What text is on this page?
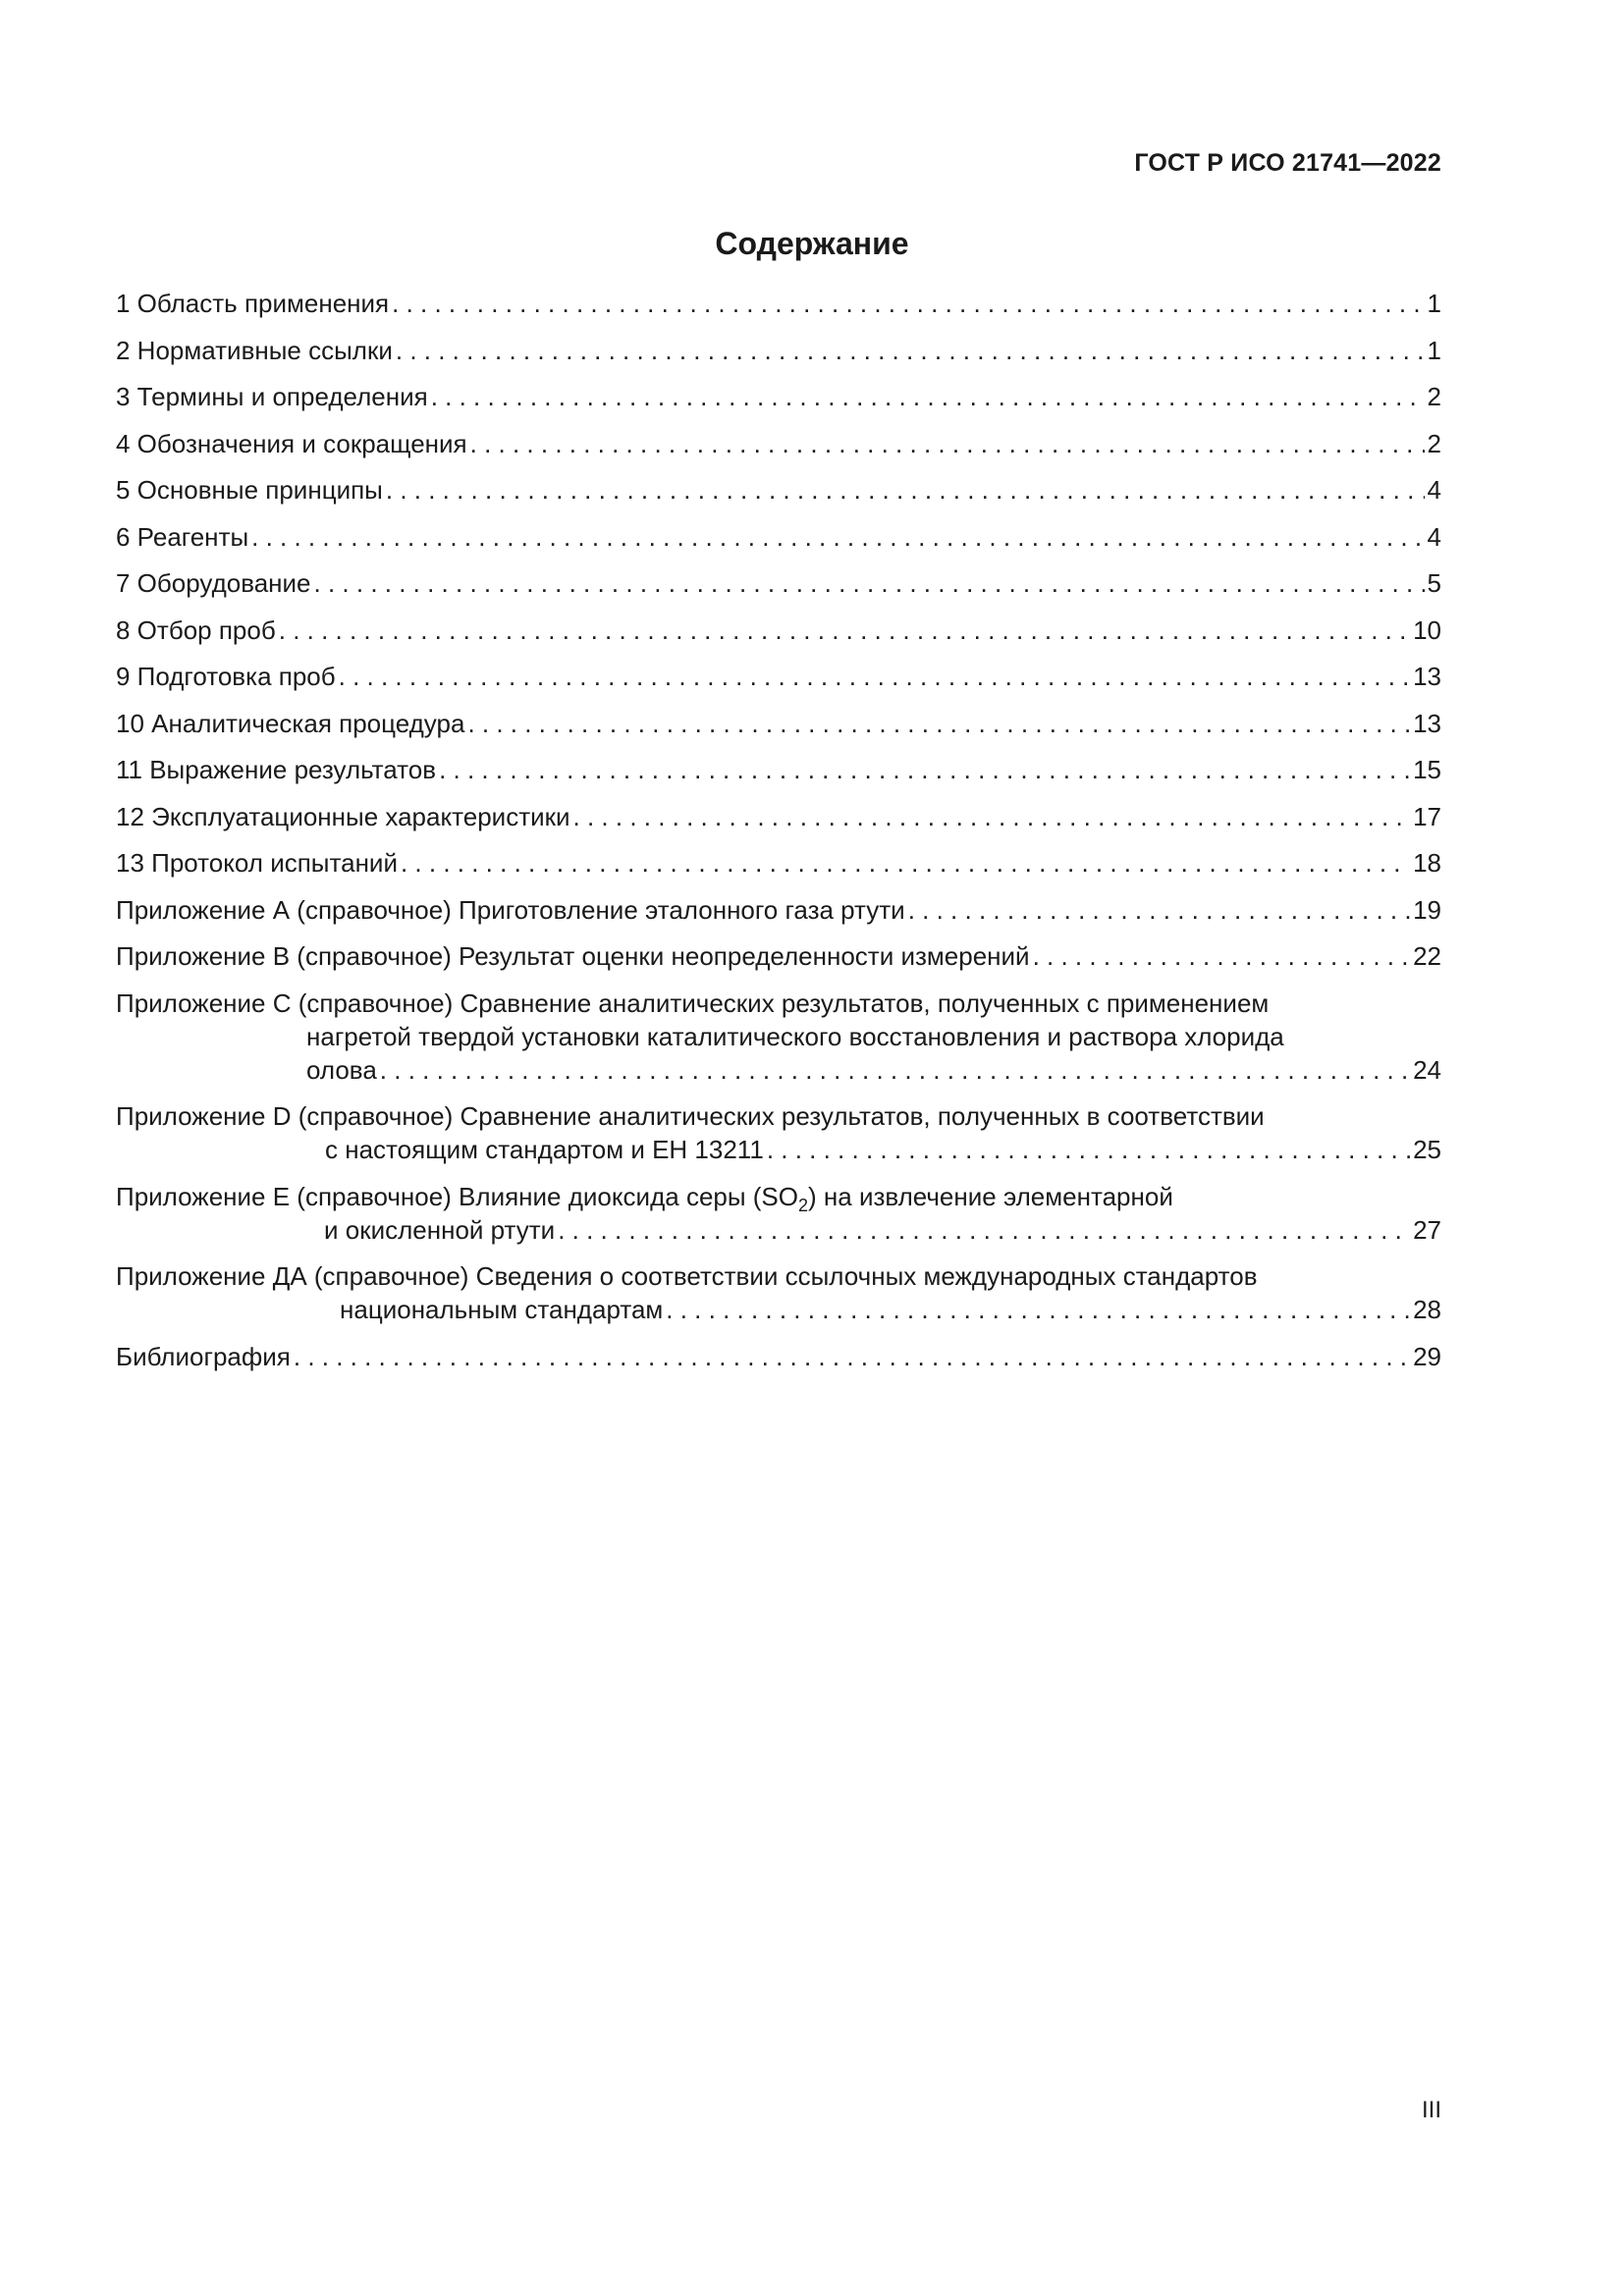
ГОСТ Р ИСО 21741—2022
Содержание
1 Область применения . . .	1
2 Нормативные ссылки . . .	1
3 Термины и определения . . .	2
4 Обозначения и сокращения . . .	2
5 Основные принципы . . .	4
6 Реагенты . . .	4
7 Оборудование . . .	5
8 Отбор проб . . .	10
9 Подготовка проб . . .	13
10 Аналитическая процедура . . .	13
11 Выражение результатов . . .	15
12 Эксплуатационные характеристики . . .	17
13 Протокол испытаний . . .	18
Приложение А (справочное) Приготовление эталонного газа ртути . . .	19
Приложение В (справочное) Результат оценки неопределенности измерений . . .	22
Приложение С (справочное) Сравнение аналитических результатов, полученных с применением
нагретой твердой установки каталитического восстановления и раствора хлорида
олова . . .	24
Приложение D (справочное) Сравнение аналитических результатов, полученных в соответствии
с настоящим стандартом и ЕН 13211 . . .	25
Приложение Е (справочное) Влияние диоксида серы $(SO_2)$ на извлечение элементарной
и окисленной ртути . . .	27
Приложение ДА (справочное) Сведения о соответствии ссылочных международных стандартов
национальным стандартам . . .	28
Библиография . . .	29
III
